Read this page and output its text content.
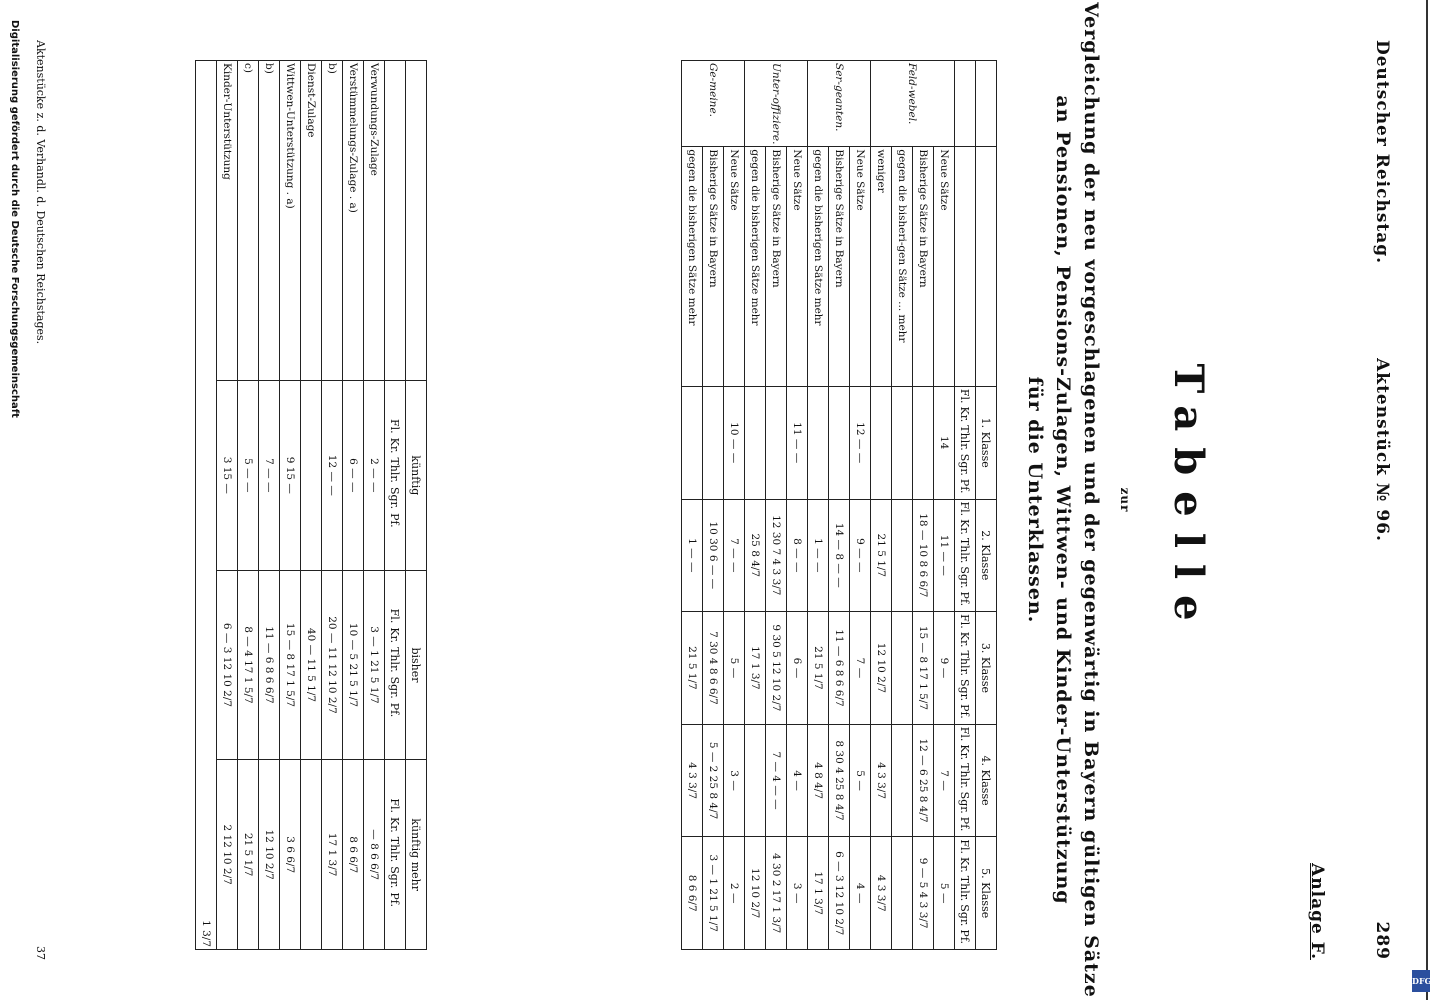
DFG
Deutscher Reichstag.
Aktenstück № 96.
289
Anlage F.
Tabelle
zur
Vergleichung der neu vorgeschlagenen und der gegenwärtig in Bayern gültigen Sätze
an Pensionen, Pensions-Zulagen, Wittwen- und Kinder-Unterstützung
für die Unterklassen.
		1. Klasse	2. Klasse	3. Klasse	4. Klasse	5. Klasse
		Fl.Kr.Thlr.Sgr.Pf.	Fl.Kr.Thlr.Sgr.Pf.	Fl.Kr.Thlr.Sgr.Pf.	Fl.Kr.Thlr.Sgr.Pf.	Fl.Kr.Thlr.Sgr.Pf.
Feld-webel.	Neue Sätze	14	11 — —	9 —	7 —	5 —
	Bisherige Sätze in Bayern		18 — 10 8 6 6/7	15 — 8 17 1 5/7	12 — 6 25 8 4/7	9 — 5 4 3 3/7
	gegen die bisheri-gen Sätze ... mehr					
	weniger		21 5 1/7	12 10 2/7	4 3 3/7	4 3 3/7
Ser-geanten.	Neue Sätze	12 — —	9 — —	7 —	5 —	4 —
	Bisherige Sätze in Bayern		14 — 8 — —	11 — 6 8 6 6/7	8 30 4 25 8 4/7	6 — 3 12 10 2/7
	gegen die bisherigen Sätze mehr		1 — —	21 5 1/7	4 8 4/7	17 1 3/7
Unter-offiziere.	Neue Sätze	11 — —	8 — —	6 —	4 —	3 —
	Bisherige Sätze in Bayern		12 30 7 4 3 3/7	9 30 5 12 10 2/7	7 — 4 — —	4 30 2 17 1 3/7
	gegen die bisherigen Sätze mehr		25 8 4/7	17 1 3/7		12 10 2/7
Ge-meine.	Neue Sätze	10 — —	7 — —	5 —	3 —	2 —
	Bisherige Sätze in Bayern		10 30 6 — —	7 30 4 8 6 6/7	5 — 2 25 8 4/7	3 — 1 21 5 1/7
	gegen die bisherigen Sätze mehr		1 — —	21 5 1/7	4 3 3/7	8 6 6/7
	künftig	bisher	künftig mehr
	Fl.Kr.Thlr.Sgr.Pf.	Fl.Kr.Thlr.Sgr.Pf.	Fl.Kr.Thlr.Sgr.Pf.
Verwundungs-Zulage	2 — —	3 — 1 21 5 1/7	— 8 6 6/7
Verstümmelungs-Zulage . a)	6 — —	10 — 5 21 5 1/7	8 6 6/7
b)	12 — —	20 — 11 12 10 2/7	17 1 3/7
Dienst-Zulage		40 — 11 5 1/7	
Wittwen-Unterstützung . a)	9 15 —	15 — 8 17 1 5/7	3 6 6/7
b)	7 — —	11 — 6 8 6 6/7	12 10 2/7
c)	5 — —	8 — 4 17 1 5/7	21 5 1/7
Kinder-Unterstützung	3 15 —	6 — 3 12 10 2/7	2 12 10 2/7
1 3/7			
Aktenstücke z. d. Verhandl. d. Deutschen Reichstages.
37
Digitalisierung gefördert durch die Deutsche Forschungsgemeinschaft
